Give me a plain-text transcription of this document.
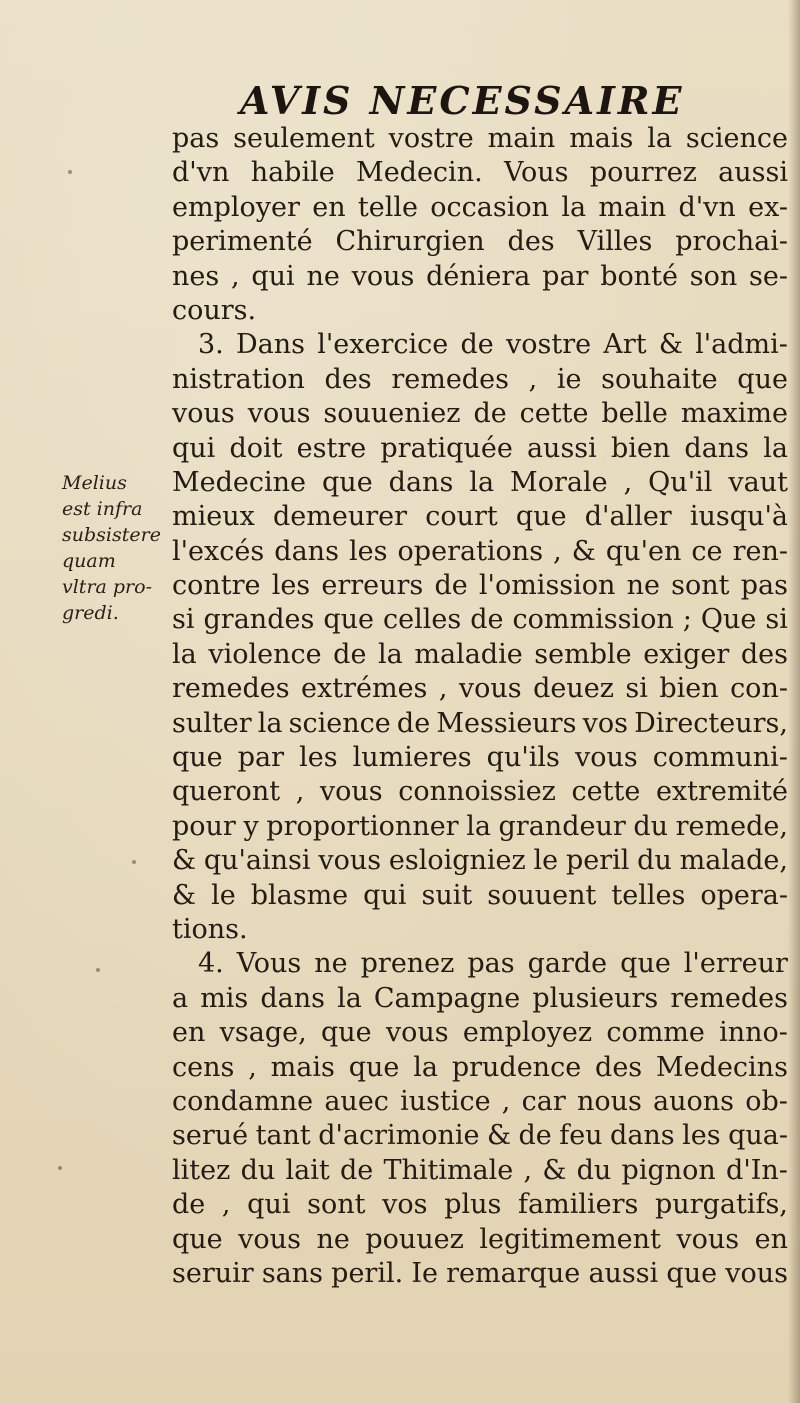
AVIS NECESSAIRE
Melius
est infra
subsistere
quam
vltra pro-
gredi.
pas seulement vostre main mais la science
d'vn habile Medecin. Vous pourrez aussi
employer en telle occasion la main d'vn ex-
perimenté Chirurgien des Villes prochai-
nes , qui ne vous déniera par bonté son se-
cours.
3. Dans l'exercice de vostre Art & l'admi-
nistration des remedes , ie souhaite que
vous vous souueniez de cette belle maxime
qui doit estre pratiquée aussi bien dans la
Medecine que dans la Morale , Qu'il vaut
mieux demeurer court que d'aller iusqu'à
l'excés dans les operations , & qu'en ce ren-
contre les erreurs de l'omission ne sont pas
si grandes que celles de commission ; Que si
la violence de la maladie semble exiger des
remedes extrémes , vous deuez si bien con-
sulter la science de Messieurs vos Directeurs,
que par les lumieres qu'ils vous communi-
queront , vous connoissiez cette extremité
pour y proportionner la grandeur du remede,
& qu'ainsi vous esloigniez le peril du malade,
& le blasme qui suit souuent telles opera-
tions.
4. Vous ne prenez pas garde que l'erreur
a mis dans la Campagne plusieurs remedes
en vsage, que vous employez comme inno-
cens , mais que la prudence des Medecins
condamne auec iustice , car nous auons ob-
serué tant d'acrimonie & de feu dans les qua-
litez du lait de Thitimale , & du pignon d'In-
de , qui sont vos plus familiers purgatifs,
que vous ne pouuez legitimement vous en
seruir sans peril. Ie remarque aussi que vous
